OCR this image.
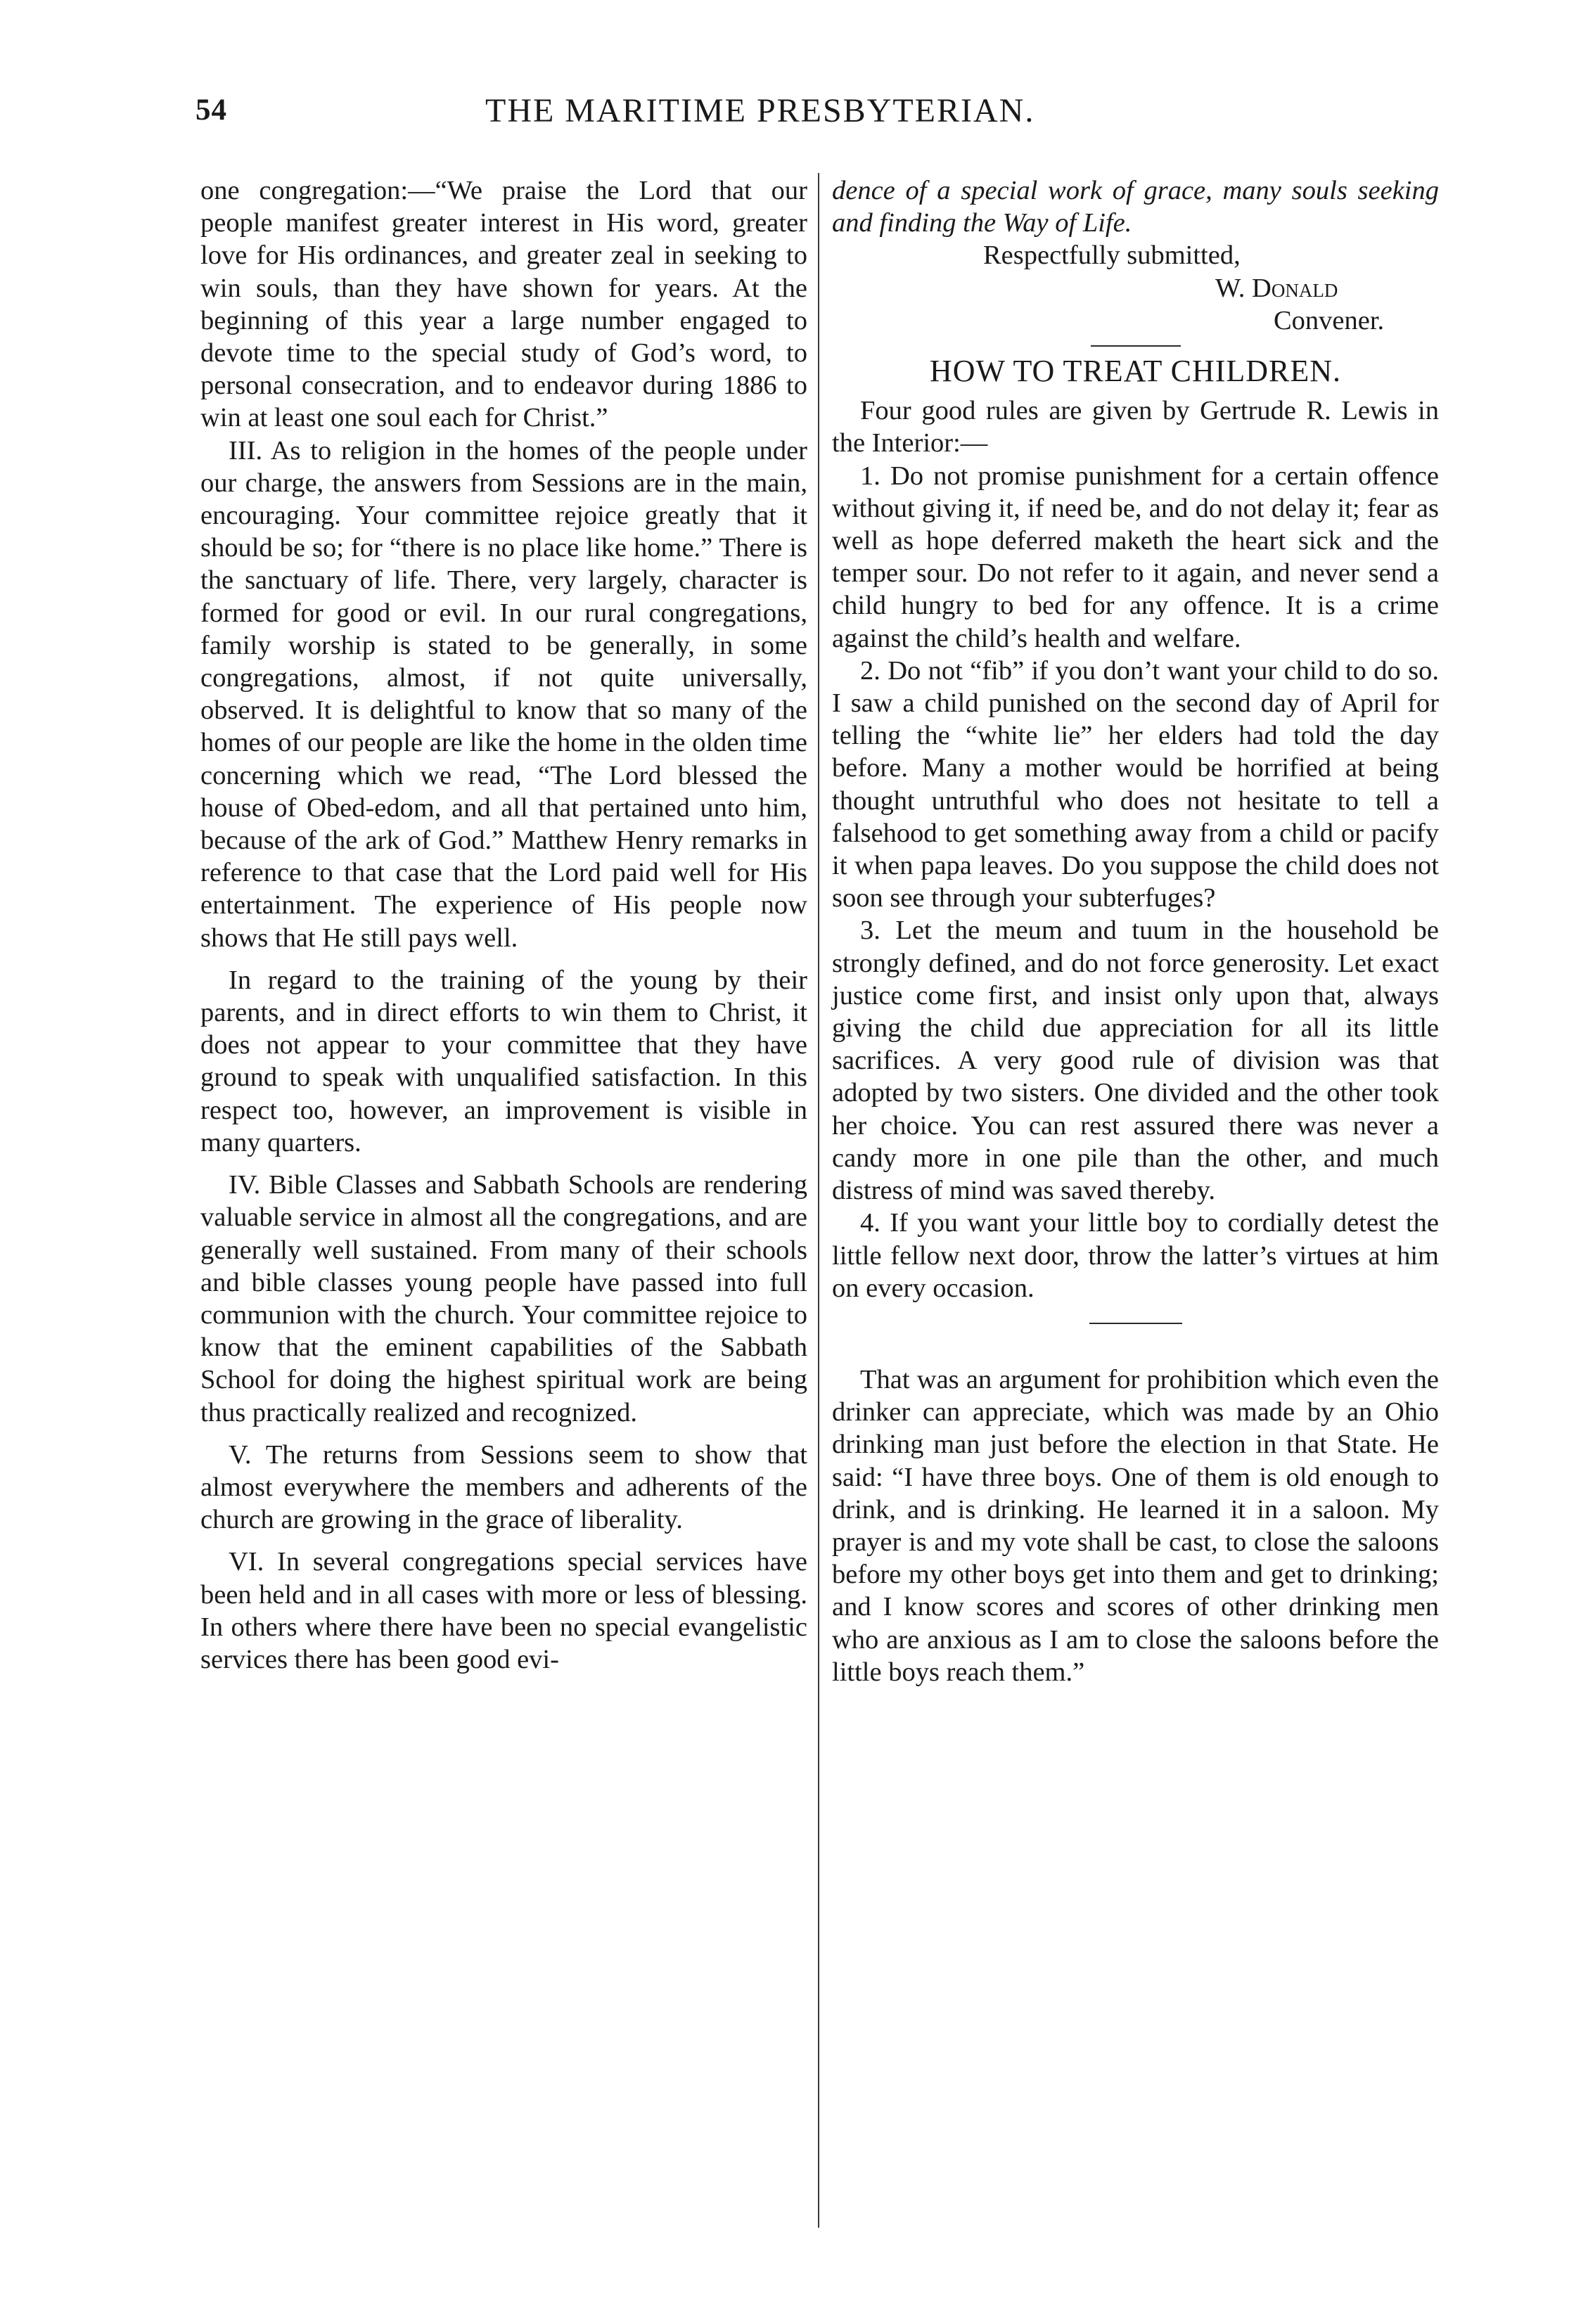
54	THE MARITIME PRESBYTERIAN.

one congregation:—“We praise the Lord that our people manifest greater interest in His word, greater love for His ordinances, and greater zeal in seeking to win souls, than they have shown for years. At the beginning of this year a large number engaged to devote time to the special study of God’s word, to personal consecration, and to endeavor during 1886 to win at least one soul each for Christ.”

III. As to religion in the homes of the people under our charge, the answers from Sessions are in the main, encouraging. Your committee rejoice greatly that it should be so; for “there is no place like home.” There is the sanctuary of life. There, very largely, character is formed for good or evil. In our rural congregations, family worship is stated to be generally, in some congregations, almost, if not quite universally, observed. It is delightful to know that so many of the homes of our people are like the home in the olden time concerning which we read, “The Lord blessed the house of Obed-edom, and all that pertained unto him, because of the ark of God.” Matthew Henry remarks in reference to that case that the Lord paid well for His entertainment. The experience of His people now shows that He still pays well.

In regard to the training of the young by their parents, and in direct efforts to win them to Christ, it does not appear to your committee that they have ground to speak with unqualified satisfaction. In this respect too, however, an improvement is visible in many quarters.

IV. Bible Classes and Sabbath Schools are rendering valuable service in almost all the congregations, and are generally well sustained. From many of their schools and bible classes young people have passed into full communion with the church. Your committee rejoice to know that the eminent capabilities of the Sabbath School for doing the highest spiritual work are being thus practically realized and recognized.

V. The returns from Sessions seem to show that almost everywhere the members and adherents of the church are growing in the grace of liberality.

VI. In several congregations special services have been held and in all cases with more or less of blessing. In others where there have been no special evangelistic services there has been good evi-

dence of a special work of grace, many souls seeking and finding the Way of Life.

Respectfully submitted,

W. Donald

Convener.

HOW TO TREAT CHILDREN.

Four good rules are given by Gertrude R. Lewis in the Interior:—

1. Do not promise punishment for a certain offence without giving it, if need be, and do not delay it; fear as well as hope deferred maketh the heart sick and the temper sour. Do not refer to it again, and never send a child hungry to bed for any offence. It is a crime against the child’s health and welfare.

2. Do not “fib” if you don’t want your child to do so. I saw a child punished on the second day of April for telling the “white lie” her elders had told the day before. Many a mother would be horrified at being thought untruthful who does not hesitate to tell a falsehood to get something away from a child or pacify it when papa leaves. Do you suppose the child does not soon see through your subterfuges?

3. Let the meum and tuum in the household be strongly defined, and do not force generosity. Let exact justice come first, and insist only upon that, always giving the child due appreciation for all its little sacrifices. A very good rule of division was that adopted by two sisters. One divided and the other took her choice. You can rest assured there was never a candy more in one pile than the other, and much distress of mind was saved thereby.

4. If you want your little boy to cordially detest the little fellow next door, throw the latter’s virtues at him on every occasion.

That was an argument for prohibition which even the drinker can appreciate, which was made by an Ohio drinking man just before the election in that State. He said: “I have three boys. One of them is old enough to drink, and is drinking. He learned it in a saloon. My prayer is and my vote shall be cast, to close the saloons before my other boys get into them and get to drinking; and I know scores and scores of other drinking men who are anxious as I am to close the saloons before the little boys reach them.”
